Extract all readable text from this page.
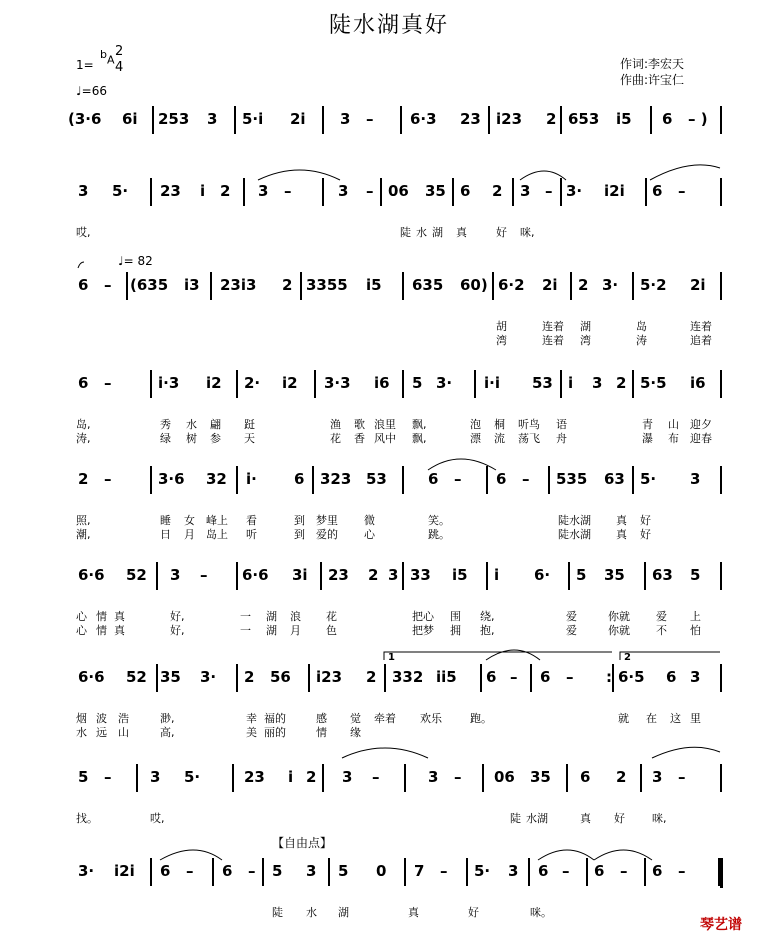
陡水湖真好
1=
$^b$A
2
4
♩=66
作词:李宏天
作曲:许宝仁
♩= 82
【自由点】
(3·6 6i 253 3 5·i 2i 3 – 6·3 23 i23 2 653 i5 6 – )
3 5· 23 i 2 3 –	3 – 06 35 6 2 3 – 3· i2i 6 –
哎,	陡 水 湖 真	好 咪,
6 – (635 i3 23i3 2 3355 i5 635 60) 6·2 2i 2 3· 5·2 2i
胡	连着 湖	岛	连着
湾	连着 湾	涛	追着
6 –	i·3 i2 2· i2 3·3 i6 5 3· i·i 53 i 3 2 5·5 i6
岛,	秀 水 翩 跹	渔 歌 浪里 飘,	泡 桐 听鸟 语	青 山 迎夕
涛,	绿 树 参 天	花 香 风中 飘,	漂 流 荡飞 舟	瀑 布 迎春
2 –	3·6 32 i· 6 323 53	6 – 6 – 535 63 5· 3
照,	睡 女 峰上 看	到 梦里 微	笑。	陡水湖 真 好
潮,	日 月 岛上 听	到 爱的 心	跳。	陡水湖 真 好
6·6 52 3 – 6·6 3i 23 2 3 33 i5 i 6· 5 35 63 5
心 情 真	好,	一 湖 浪 花	把心 围 绕,	爱	你就 爱 上
心 情 真	好,	一 湖 月 色	把梦 拥 抱,	爱	你就 不 怕
6·6 52 35 3· 2 56 i23 2 332 ii5 6 – 6 – : 6·5 6 3
烟 波 浩	渺,	幸 福的	感 觉 牵着 欢乐	跑。	就 在 这 里
水 远 山	高,	美 丽的	情 缘
1	2
5 –	3 5·	23 i 2 3 –	3 – 06 35 6 2 3 –
找。	哎,	陡 水湖	真 好 咪,
3· i2i 6 – 6 – 5 3 5 0 7 – 5· 3 6 – 6 – 6 –
陡 水 湖	真	好	咪。
琴艺谱
